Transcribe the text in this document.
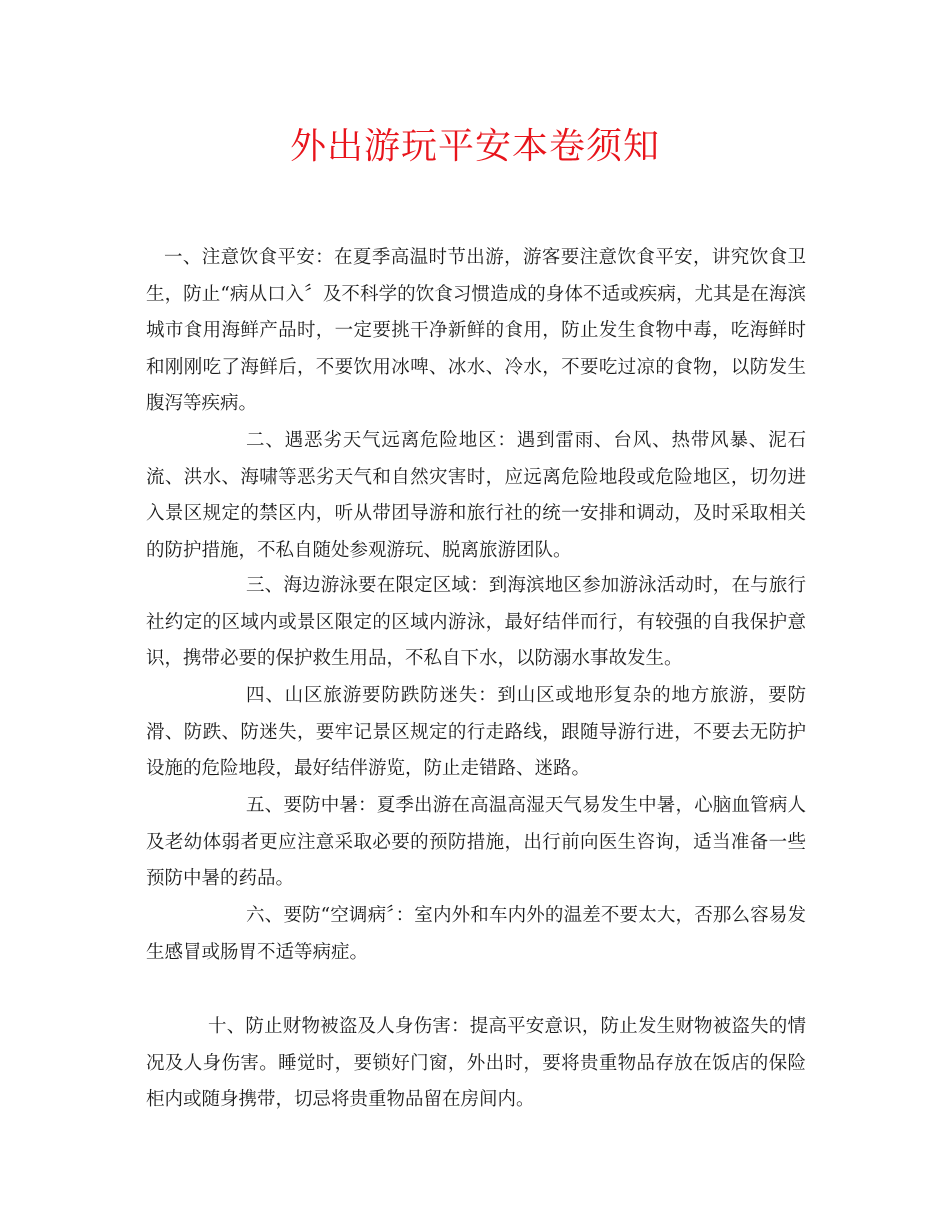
外出游玩平安本卷须知

一、注意饮食平安：在夏季高温时节出游，游客要注意饮食平安，讲究饮食卫生，防止“病从口入〞及不科学的饮食习惯造成的身体不适或疾病，尤其是在海滨城市食用海鲜产品时，一定要挑干净新鲜的食用，防止发生食物中毒，吃海鲜时和刚刚吃了海鲜后，不要饮用冰啤、冰水、冷水，不要吃过凉的食物，以防发生腹泻等疾病。

二、遇恶劣天气远离危险地区：遇到雷雨、台风、热带风暴、泥石流、洪水、海啸等恶劣天气和自然灾害时，应远离危险地段或危险地区，切勿进入景区规定的禁区内，听从带团导游和旅行社的统一安排和调动，及时采取相关的防护措施，不私自随处参观游玩、脱离旅游团队。

三、海边游泳要在限定区域：到海滨地区参加游泳活动时，在与旅行社约定的区域内或景区限定的区域内游泳，最好结伴而行，有较强的自我保护意识，携带必要的保护救生用品，不私自下水，以防溺水事故发生。

四、山区旅游要防跌防迷失：到山区或地形复杂的地方旅游，要防滑、防跌、防迷失，要牢记景区规定的行走路线，跟随导游行进，不要去无防护设施的危险地段，最好结伴游览，防止走错路、迷路。

五、要防中暑：夏季出游在高温高湿天气易发生中暑，心脑血管病人及老幼体弱者更应注意采取必要的预防措施，出行前向医生咨询，适当准备一些预防中暑的药品。

六、要防“空调病〞：室内外和车内外的温差不要太大，否那么容易发生感冒或肠胃不适等病症。

十、防止财物被盗及人身伤害：提高平安意识，防止发生财物被盗失的情况及人身伤害。睡觉时，要锁好门窗，外出时，要将贵重物品存放在饭店的保险柜内或随身携带，切忌将贵重物品留在房间内。
